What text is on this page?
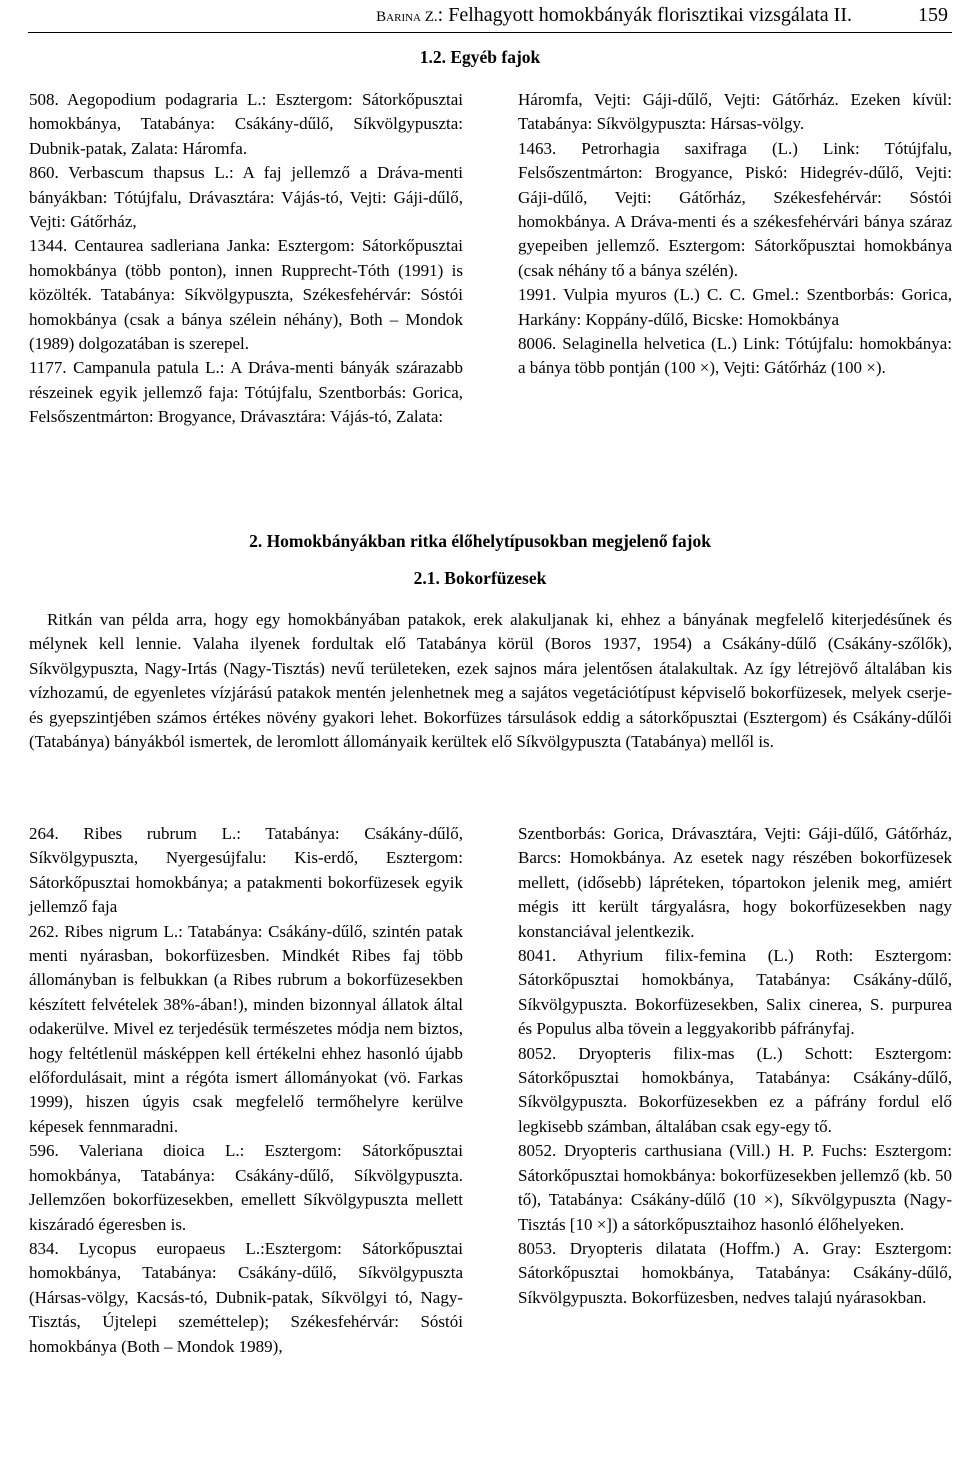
Barina Z.: Felhagyott homokbányák florisztikai vizsgálata II.	159
1.2. Egyéb fajok

508. Aegopodium podagraria L.: Esztergom: Sátorkőpusztai homokbánya, Tatabánya: Csákány-dűlő, Síkvölgypuszta: Dubnik-patak, Zalata: Háromfa.

860. Verbascum thapsus L.: A faj jellemző a Dráva-menti bányákban: Tótújfalu, Drávasztára: Vájás-tó, Vejti: Gáji-dűlő, Vejti: Gátőrház,

1344. Centaurea sadleriana Janka: Esztergom: Sátorkőpusztai homokbánya (több ponton), innen Rupprecht-Tóth (1991) is közölték. Tatabánya: Síkvölgypuszta, Székesfehérvár: Sóstói homokbánya (csak a bánya szélein néhány), Both – Mondok (1989) dolgozatában is szerepel.

1177. Campanula patula L.: A Dráva-menti bányák szárazabb részeinek egyik jellemző faja: Tótújfalu, Szentborbás: Gorica, Felsőszentmárton: Brogyance, Drávasztára: Vájás-tó, Zalata:

Háromfa, Vejti: Gáji-dűlő, Vejti: Gátőrház. Ezeken kívül: Tatabánya: Síkvölgypuszta: Hársas-völgy.

1463. Petrorhagia saxifraga (L.) Link: Tótújfalu, Felsőszentmárton: Brogyance, Piskó: Hidegrév-dűlő, Vejti: Gáji-dűlő, Vejti: Gátőrház, Székesfehérvár: Sóstói homokbánya. A Dráva-menti és a székesfehérvári bánya száraz gyepeiben jellemző. Esztergom: Sátorkőpusztai homokbánya (csak néhány tő a bánya szélén).

1991. Vulpia myuros (L.) C. C. Gmel.: Szentborbás: Gorica, Harkány: Koppány-dűlő, Bicske: Homokbánya

8006. Selaginella helvetica (L.) Link: Tótújfalu: homokbánya: a bánya több pontján (100 ×), Vejti: Gátőrház (100 ×).

2. Homokbányákban ritka élőhelytípusokban megjelenő fajok
2.1. Bokorfüzesek

Ritkán van példa arra, hogy egy homokbányában patakok, erek alakuljanak ki, ehhez a bányának megfelelő kiterjedésűnek és mélynek kell lennie. Valaha ilyenek fordultak elő Tatabánya körül (Boros 1937, 1954) a Csákány-dűlő (Csákány-szőlők), Síkvölgypuszta, Nagy-Irtás (Nagy-Tisztás) nevű területeken, ezek sajnos mára jelentősen átalakultak. Az így létrejövő általában kis vízhozamú, de egyenletes vízjárású patakok mentén jelenhetnek meg a sajátos vegetációtípust képviselő bokorfüzesek, melyek cserje- és gyepszintjében számos értékes növény gyakori lehet. Bokorfüzes társulások eddig a sátorkőpusztai (Esztergom) és Csákány-dűlői (Tatabánya) bányákból ismertek, de leromlott állományaik kerültek elő Síkvölgypuszta (Tatabánya) mellől is.

264. Ribes rubrum L.: Tatabánya: Csákány-dűlő, Síkvölgypuszta, Nyergesújfalu: Kis-erdő, Esztergom: Sátorkőpusztai homokbánya; a patakmenti bokorfüzesek egyik jellemző faja

262. Ribes nigrum L.: Tatabánya: Csákány-dűlő, szintén patak menti nyárasban, bokorfüzesben. Mindkét Ribes faj több állományban is felbukkan (a Ribes rubrum a bokorfüzesekben készített felvételek 38%-ában!), minden bizonnyal állatok által odakerülve. Mivel ez terjedésük természetes módja nem biztos, hogy feltétlenül másképpen kell értékelni ehhez hasonló újabb előfordulásait, mint a régóta ismert állományokat (vö. Farkas 1999), hiszen úgyis csak megfelelő termőhelyre kerülve képesek fennmaradni.

596. Valeriana dioica L.: Esztergom: Sátorkőpusztai homokbánya, Tatabánya: Csákány-dűlő, Síkvölgypuszta. Jellemzően bokorfüzesekben, emellett Síkvölgypuszta mellett kiszáradó égeresben is.

834. Lycopus europaeus L.:Esztergom: Sátorkőpusztai homokbánya, Tatabánya: Csákány-dűlő, Síkvölgypuszta (Hársas-völgy, Kacsás-tó, Dubnik-patak, Síkvölgyi tó, Nagy-Tisztás, Újtelepi szeméttelep); Székesfehérvár: Sóstói homokbánya (Both – Mondok 1989),

Szentborbás: Gorica, Drávasztára, Vejti: Gáji-dűlő, Gátőrház, Barcs: Homokbánya. Az esetek nagy részében bokorfüzesek mellett, (idősebb) lápréteken, tópartokon jelenik meg, amiért mégis itt került tárgyalásra, hogy bokorfüzesekben nagy konstanciával jelentkezik.

8041. Athyrium filix-femina (L.) Roth: Esztergom: Sátorkőpusztai homokbánya, Tatabánya: Csákány-dűlő, Síkvölgypuszta. Bokorfüzesekben, Salix cinerea, S. purpurea és Populus alba tövein a leggyakoribb páfrányfaj.

8052. Dryopteris filix-mas (L.) Schott: Esztergom: Sátorkőpusztai homokbánya, Tatabánya: Csákány-dűlő, Síkvölgypuszta. Bokorfüzesekben ez a páfrány fordul elő legkisebb számban, általában csak egy-egy tő.

8052. Dryopteris carthusiana (Vill.) H. P. Fuchs: Esztergom: Sátorkőpusztai homokbánya: bokorfüzesekben jellemző (kb. 50 tő), Tatabánya: Csákány-dűlő (10 ×), Síkvölgypuszta (Nagy-Tisztás [10 ×]) a sátorkőpusztaihoz hasonló élőhelyeken.

8053. Dryopteris dilatata (Hoffm.) A. Gray: Esztergom: Sátorkőpusztai homokbánya, Tatabánya: Csákány-dűlő, Síkvölgypuszta. Bokorfüzesben, nedves talajú nyárasokban.
